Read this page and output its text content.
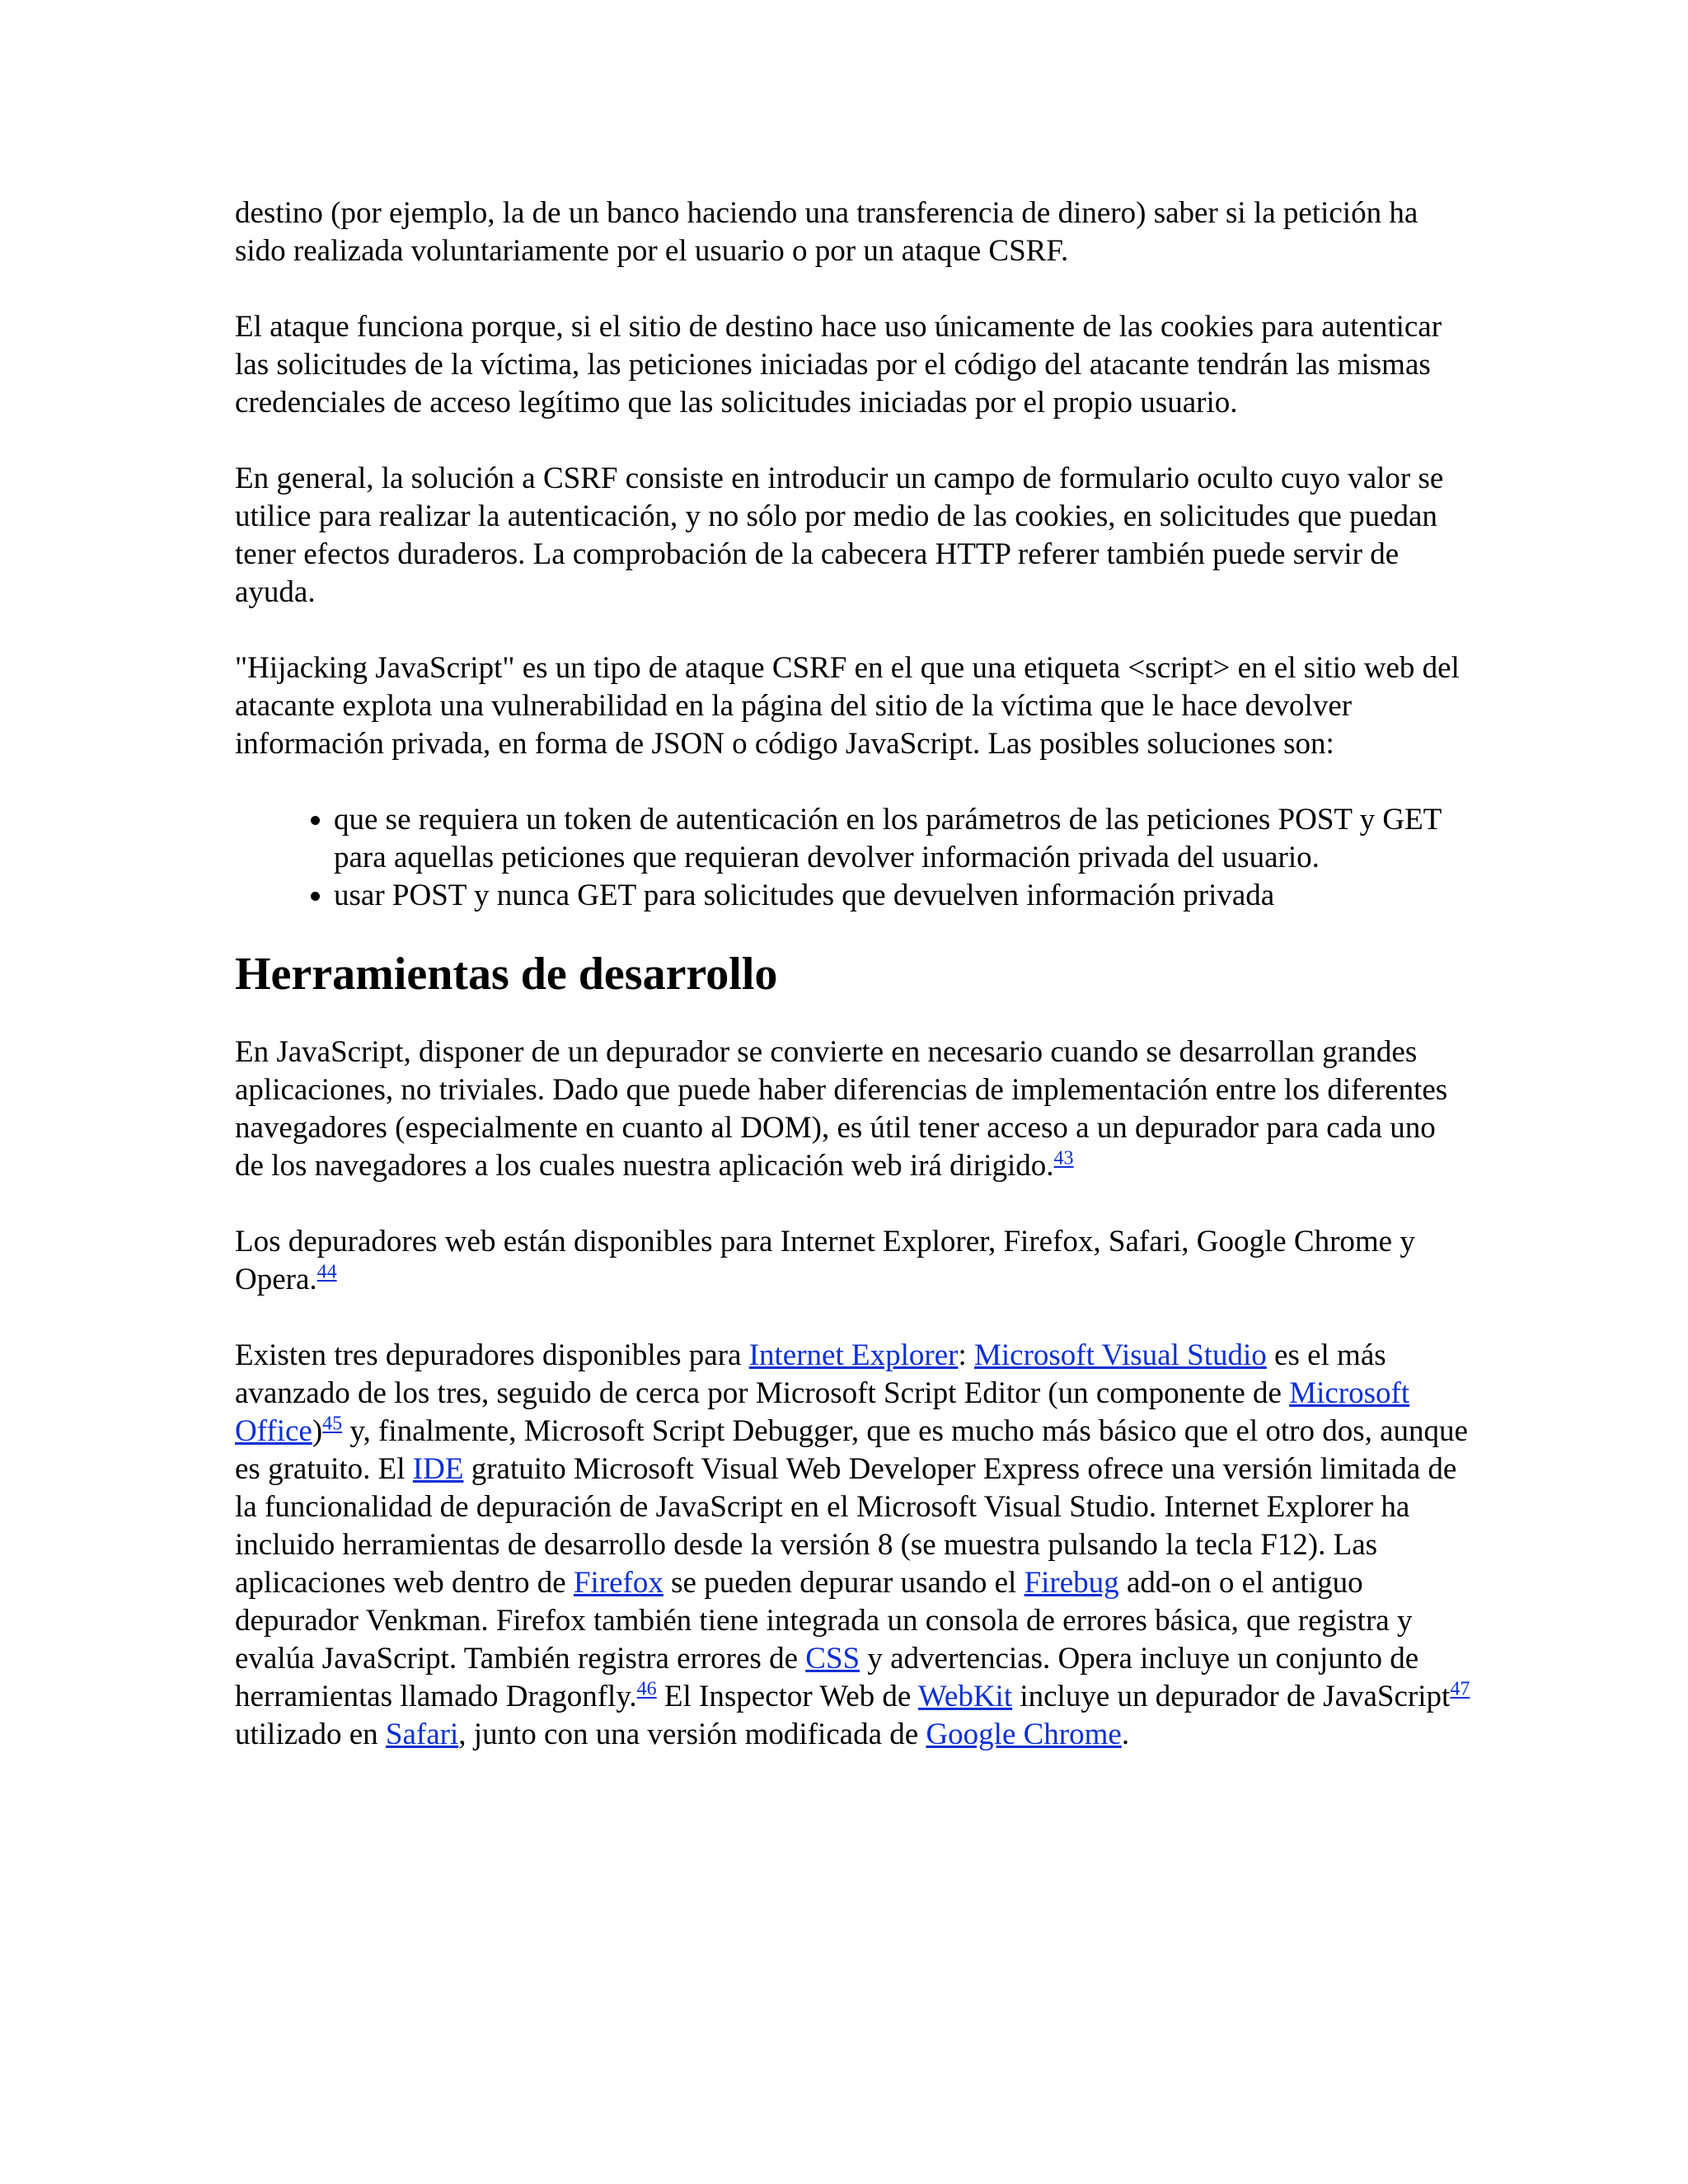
destino (por ejemplo, la de un banco haciendo una transferencia de dinero) saber si la petición ha sido realizada voluntariamente por el usuario o por un ataque CSRF.

El ataque funciona porque, si el sitio de destino hace uso únicamente de las cookies para autenticar las solicitudes de la víctima, las peticiones iniciadas por el código del atacante tendrán las mismas credenciales de acceso legítimo que las solicitudes iniciadas por el propio usuario.

En general, la solución a CSRF consiste en introducir un campo de formulario oculto cuyo valor se utilice para realizar la autenticación, y no sólo por medio de las cookies, en solicitudes que puedan tener efectos duraderos. La comprobación de la cabecera HTTP referer también puede servir de ayuda.

"Hijacking JavaScript" es un tipo de ataque CSRF en el que una etiqueta <script> en el sitio web del atacante explota una vulnerabilidad en la página del sitio de la víctima que le hace devolver información privada, en forma de JSON o código JavaScript. Las posibles soluciones son:

• que se requiera un token de autenticación en los parámetros de las peticiones POST y GET para aquellas peticiones que requieran devolver información privada del usuario.
• usar POST y nunca GET para solicitudes que devuelven información privada
Herramientas de desarrollo

En JavaScript, disponer de un depurador se convierte en necesario cuando se desarrollan grandes aplicaciones, no triviales. Dado que puede haber diferencias de implementación entre los diferentes navegadores (especialmente en cuanto al DOM), es útil tener acceso a un depurador para cada uno de los navegadores a los cuales nuestra aplicación web irá dirigido.$^{43}$

Los depuradores web están disponibles para Internet Explorer, Firefox, Safari, Google Chrome y Opera.$^{44}$

Existen tres depuradores disponibles para Internet Explorer: Microsoft Visual Studio es el más avanzado de los tres, seguido de cerca por Microsoft Script Editor (un componente de Microsoft Office)$^{45}$ y, finalmente, Microsoft Script Debugger, que es mucho más básico que el otro dos, aunque es gratuito. El IDE gratuito Microsoft Visual Web Developer Express ofrece una versión limitada de la funcionalidad de depuración de JavaScript en el Microsoft Visual Studio. Internet Explorer ha incluido herramientas de desarrollo desde la versión 8 (se muestra pulsando la tecla F12). Las aplicaciones web dentro de Firefox se pueden depurar usando el Firebug add-on o el antiguo depurador Venkman. Firefox también tiene integrada un consola de errores básica, que registra y evalúa JavaScript. También registra errores de CSS y advertencias. Opera incluye un conjunto de herramientas llamado Dragonfly.$^{46}$ El Inspector Web de WebKit incluye un depurador de JavaScript$^{47}$ utilizado en Safari, junto con una versión modificada de Google Chrome.
